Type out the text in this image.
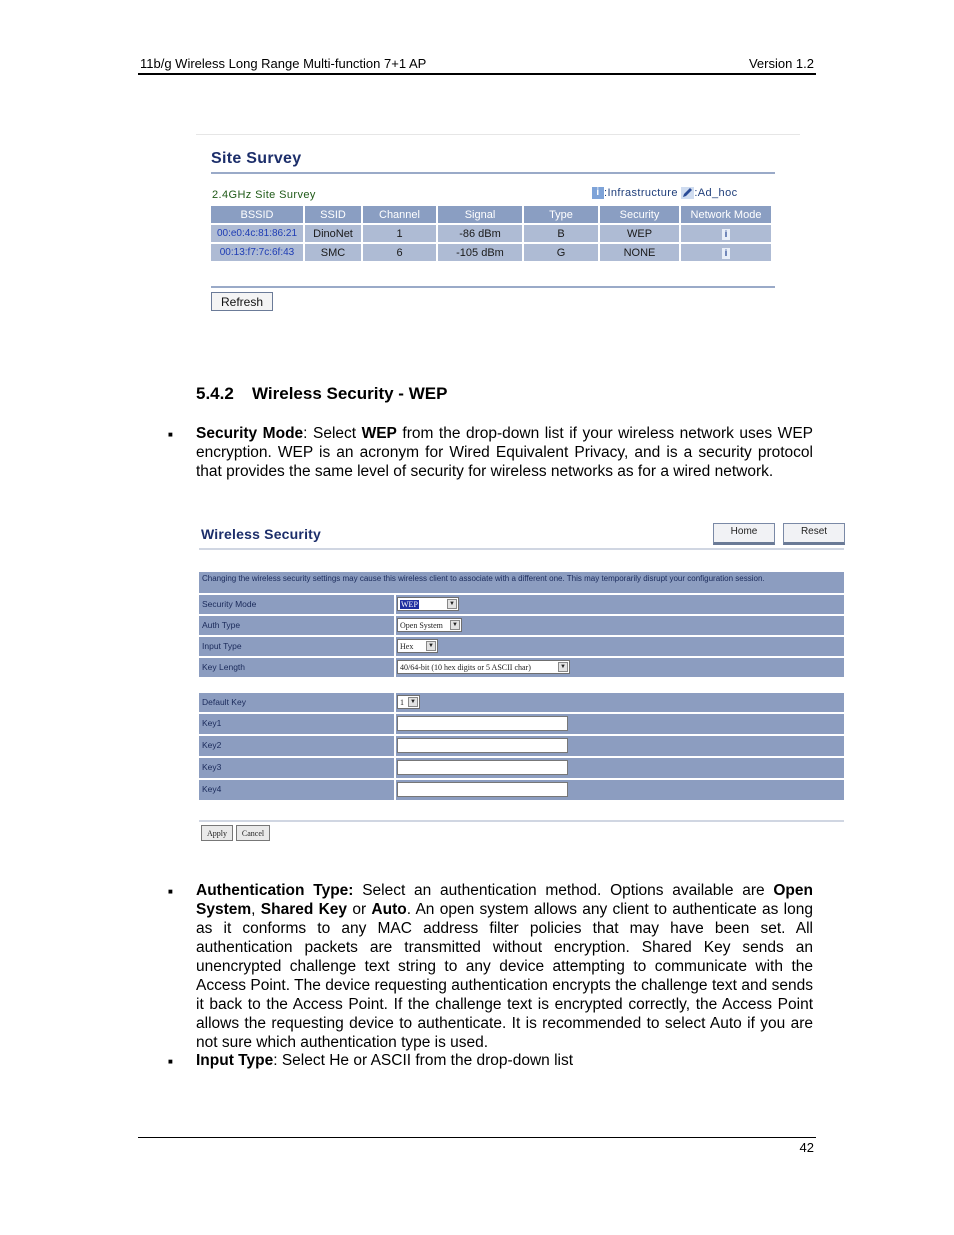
11b/g Wireless Long Range Multi-function 7+1 AP	Version 1.2
Site Survey
2.4GHz Site Survey	i :Infrastructure :Ad_hoc
BSSID	SSID	Channel	Signal	Type	Security	Network Mode
00:e0:4c:81:86:21	DinoNet	1	-86 dBm	B	WEP	i
00:13:f7:7c:6f:43	SMC	6	-105 dBm	G	NONE	i
Refresh
5.4.2 Wireless Security - WEP
■ Security Mode: Select WEP from the drop-down list if your wireless network uses WEP encryption. WEP is an acronym for Wired Equivalent Privacy, and is a security protocol that provides the same level of security for wireless networks as for a wired network.
Wireless Security	Home	Reset
Changing the wireless security settings may cause this wireless client to associate with a different one. This may temporarily disrupt your configuration session.
Security Mode	WEP	▼
Auth Type	Open System	▼
Input Type	Hex	▼
Key Length	40/64-bit (10 hex digits or 5 ASCII char)	▼
Default Key	1	▼
Key1
Key2
Key3
Key4
Apply	Cancel
■ Authentication Type: Select an authentication method. Options available are Open System, Shared Key or Auto. An open system allows any client to authenticate as long as it conforms to any MAC address filter policies that may have been set. All authentication packets are transmitted without encryption. Shared Key sends an unencrypted challenge text string to any device attempting to communicate with the Access Point. The device requesting authentication encrypts the challenge text and sends it back to the Access Point. If the challenge text is encrypted correctly, the Access Point allows the requesting device to authenticate. It is recommended to select Auto if you are not sure which authentication type is used.
■ Input Type: Select He or ASCII from the drop-down list
42
